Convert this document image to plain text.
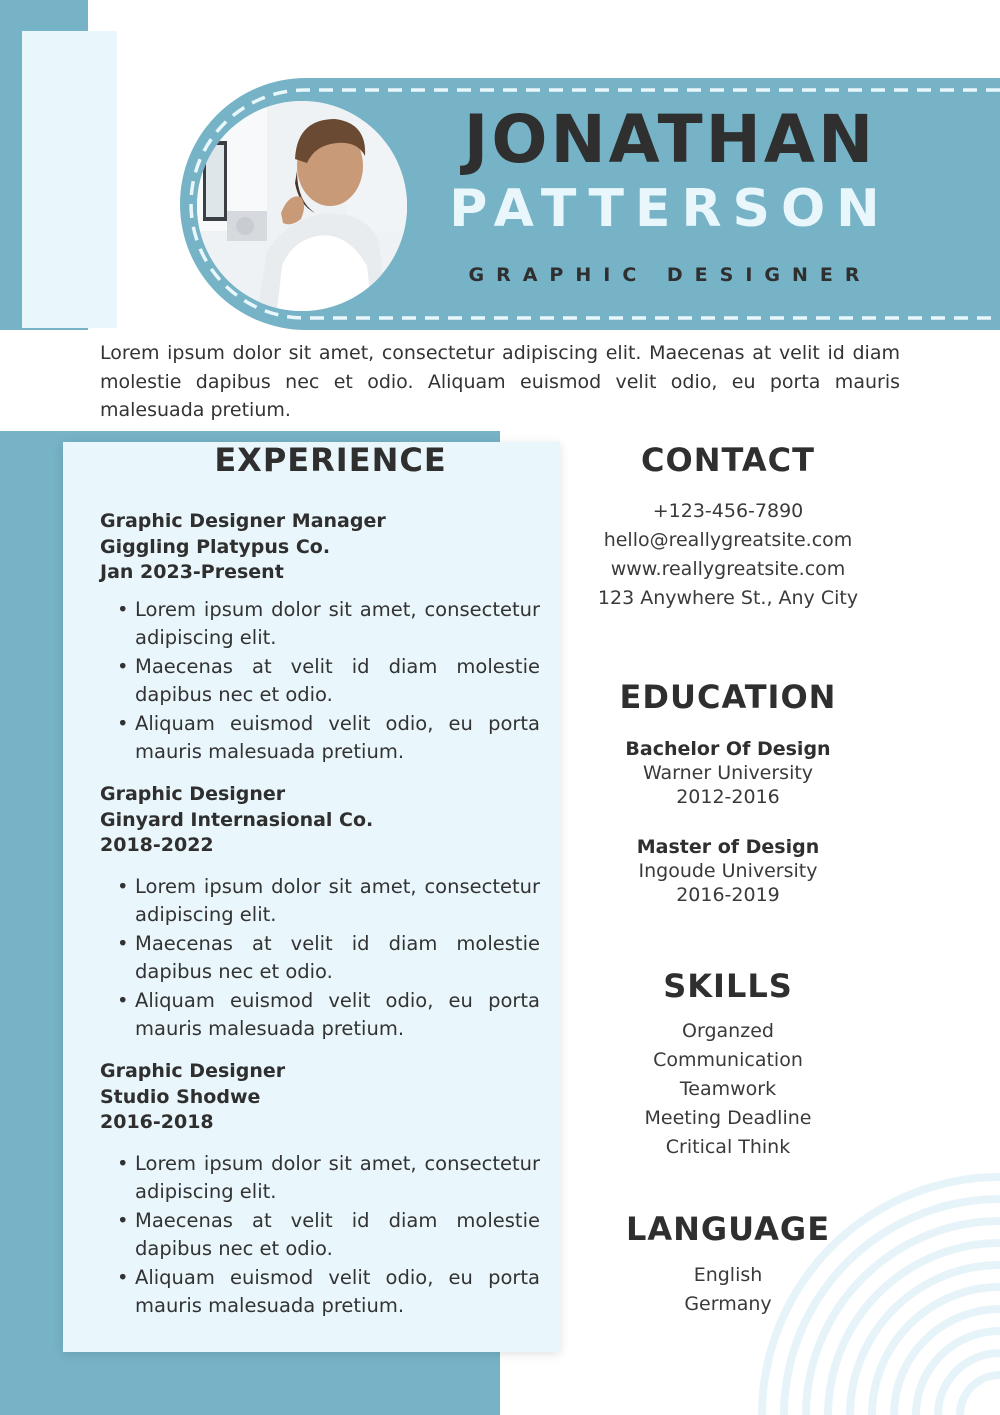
JONATHAN
PATTERSON
GRAPHIC DESIGNER
Lorem ipsum dolor sit amet, consectetur adipiscing elit. Maecenas at velit id diam molestie dapibus nec et odio. Aliquam euismod velit odio, eu porta mauris malesuada pretium.
EXPERIENCE
Graphic Designer Manager
Giggling Platypus Co.
Jan 2023-Present
• Lorem ipsum dolor sit amet, consectetur adipiscing elit.
• Maecenas at velit id diam molestie dapibus nec et odio.
• Aliquam euismod velit odio, eu porta mauris malesuada pretium.
Graphic Designer
Ginyard Internasional Co.
2018-2022
• Lorem ipsum dolor sit amet, consectetur adipiscing elit.
• Maecenas at velit id diam molestie dapibus nec et odio.
• Aliquam euismod velit odio, eu porta mauris malesuada pretium.
Graphic Designer
Studio Shodwe
2016-2018
• Lorem ipsum dolor sit amet, consectetur adipiscing elit.
• Maecenas at velit id diam molestie dapibus nec et odio.
• Aliquam euismod velit odio, eu porta mauris malesuada pretium.
CONTACT
+123-456-7890
hello@reallygreatsite.com
www.reallygreatsite.com
123 Anywhere St., Any City
EDUCATION
Bachelor Of Design
Warner University
2012-2016
Master of Design
Ingoude University
2016-2019
SKILLS
Organzed
Communication
Teamwork
Meeting Deadline
Critical Think
LANGUAGE
English
Germany
